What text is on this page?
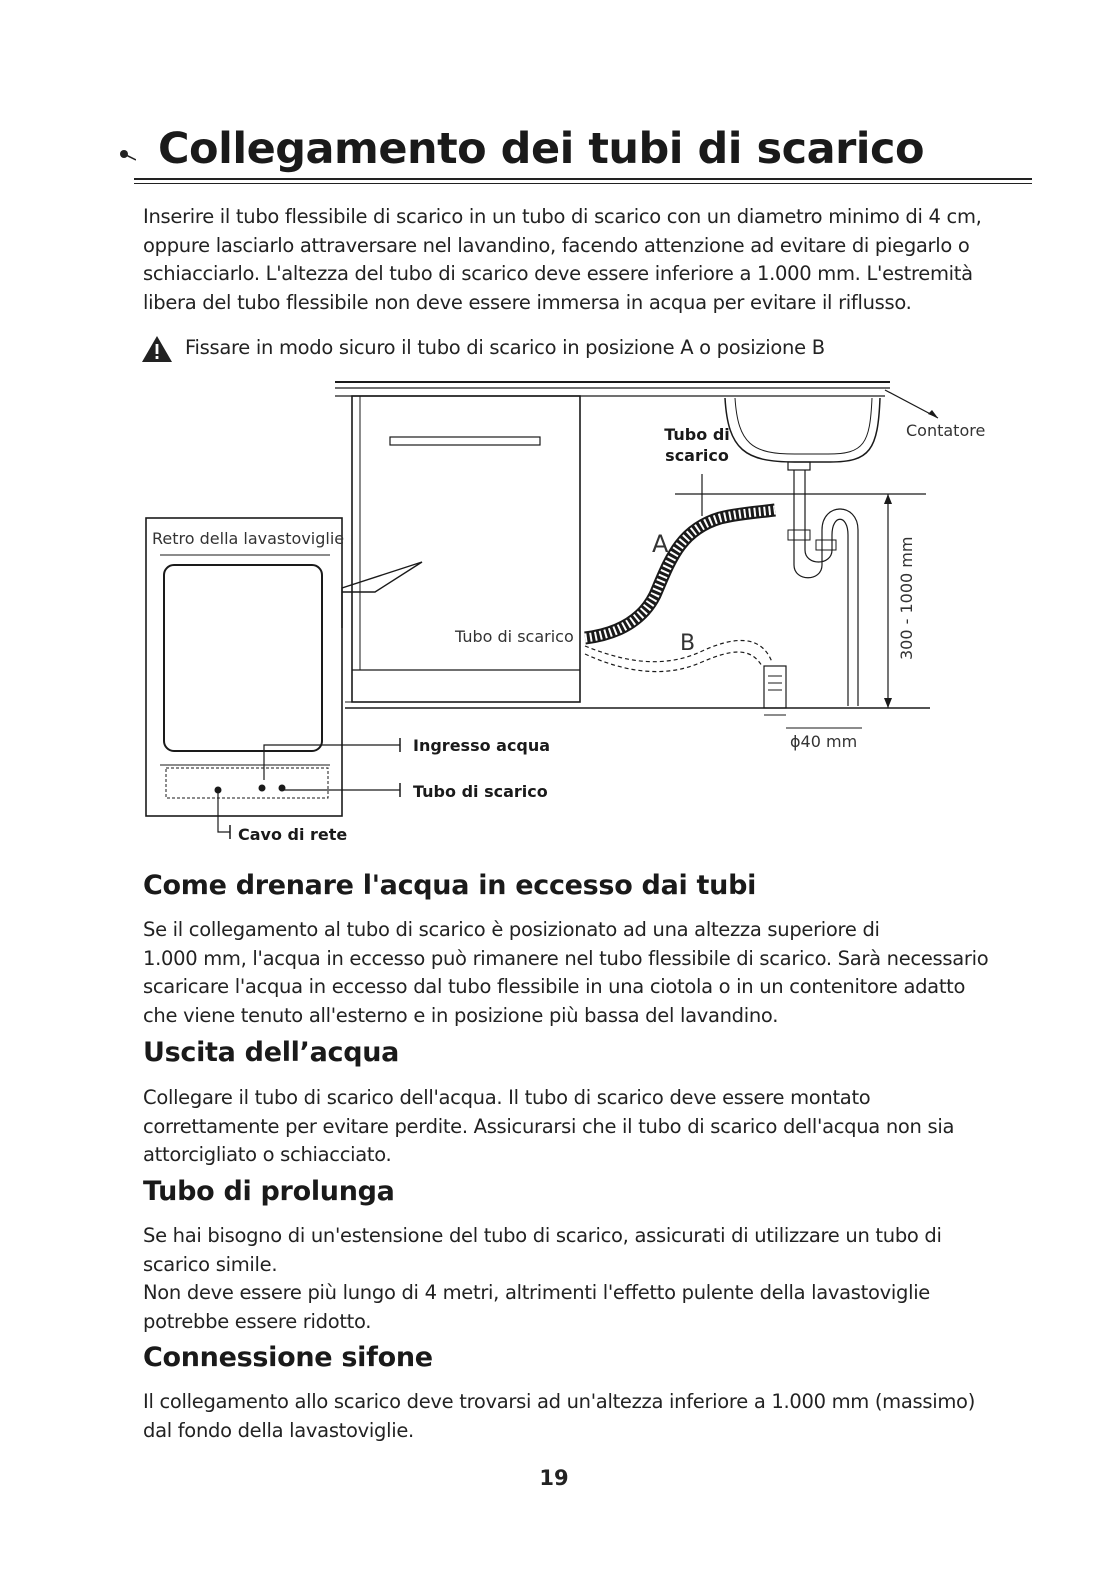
Collegamento dei tubi di scarico

Inserire il tubo flessibile di scarico in un tubo di scarico con un diametro minimo di 4 cm,
oppure lasciarlo attraversare nel lavandino, facendo attenzione ad evitare di piegarlo o
schiacciarlo. L'altezza del tubo di scarico deve essere inferiore a 1.000 mm. L'estremità
libera del tubo flessibile non deve essere immersa in acqua per evitare il riflusso.

Fissare in modo sicuro il tubo di scarico in posizione A o posizione B

Contatore
Tubo di
scarico
Retro della lavastoviglie	A
Tubo di scarico	B	300 - 1000 mm
ϕ40 mm
Ingresso acqua
Tubo di scarico
Cavo di rete
Come drenare l'acqua in eccesso dai tubi

Se il collegamento al tubo di scarico è posizionato ad una altezza superiore di
1.000 mm, l'acqua in eccesso può rimanere nel tubo flessibile di scarico. Sarà necessario
scaricare l'acqua in eccesso dal tubo flessibile in una ciotola o in un contenitore adatto
che viene tenuto all'esterno e in posizione più bassa del lavandino.

Uscita dell’acqua

Collegare il tubo di scarico dell'acqua. Il tubo di scarico deve essere montato
correttamente per evitare perdite. Assicurarsi che il tubo di scarico dell'acqua non sia
attorcigliato o schiacciato.

Tubo di prolunga

Se hai bisogno di un'estensione del tubo di scarico, assicurati di utilizzare un tubo di
scarico simile.
Non deve essere più lungo di 4 metri, altrimenti l'effetto pulente della lavastoviglie
potrebbe essere ridotto.

Connessione sifone

Il collegamento allo scarico deve trovarsi ad un'altezza inferiore a 1.000 mm (massimo)
dal fondo della lavastoviglie.

19
